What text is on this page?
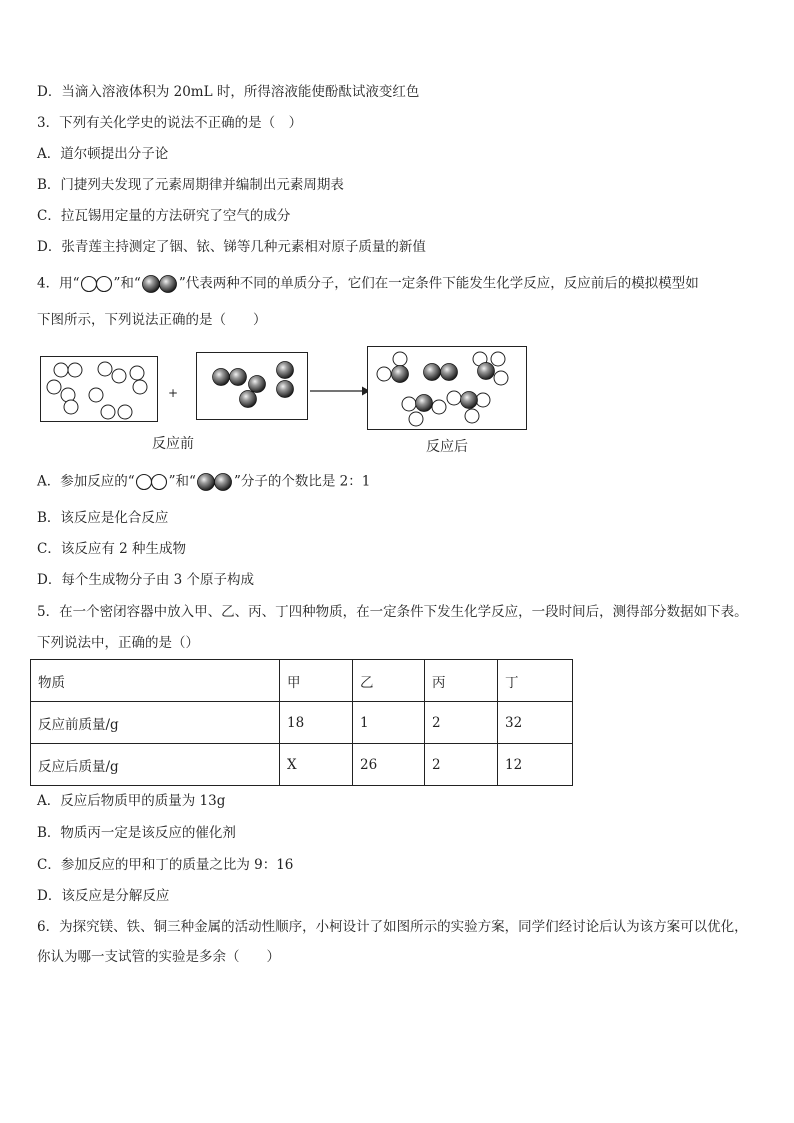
D．当滴入溶液体积为 20mL 时，所得溶液能使酚酞试液变红色
3．下列有关化学史的说法不正确的是（　）
A．道尔顿提出分子论
B．门捷列夫发现了元素周期律并编制出元素周期表
C．拉瓦锡用定量的方法研究了空气的成分
D．张青莲主持测定了铟、铱、锑等几种元素相对原子质量的新值
4．用“	”和“	”代表两种不同的单质分子，它们在一定条件下能发生化学反应，反应前后的模拟模型如
下图所示，下列说法正确的是（　　）
+
反应前	反应后
A．参加反应的“	”和“	”分子的个数比是 2：1
B．该反应是化合反应
C．该反应有 2 种生成物
D．每个生成物分子由 3 个原子构成
5．在一个密闭容器中放入甲、乙、丙、丁四种物质，在一定条件下发生化学反应，一段时间后，测得部分数据如下表。
下列说法中，正确的是（）
物质	甲	乙	丙	丁
反应前质量/g	18	1	2	32
反应后质量/g	X	26	2	12
A．反应后物质甲的质量为 13g
B．物质丙一定是该反应的催化剂
C．参加反应的甲和丁的质量之比为 9：16
D．该反应是分解反应
6．为探究镁、铁、铜三种金属的活动性顺序，小柯设计了如图所示的实验方案，同学们经讨论后认为该方案可以优化，
你认为哪一支试管的实验是多余（　　）
